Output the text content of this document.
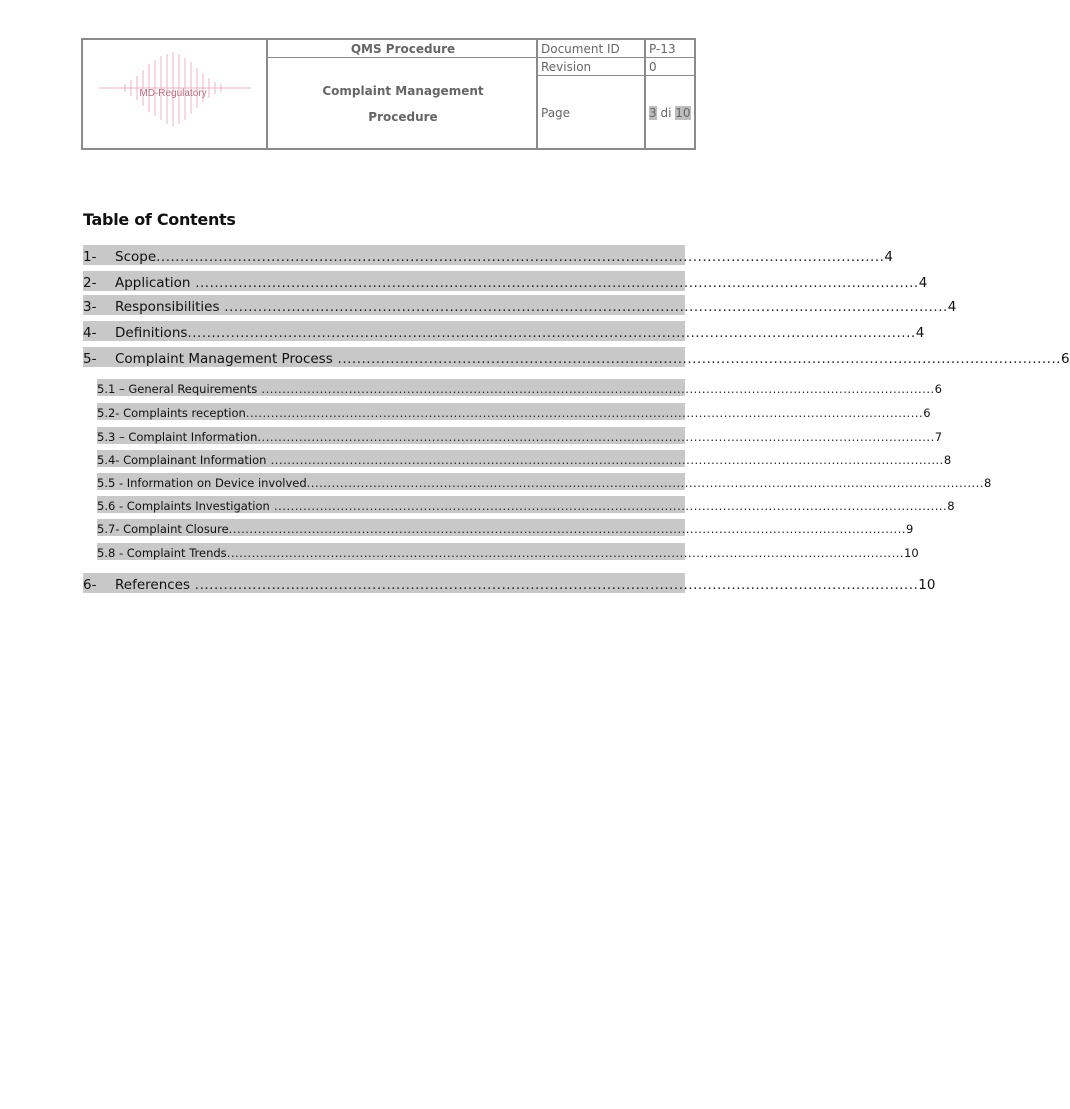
MD-Regulatory
QMS Procedure
Complaint Management
Procedure
Document ID P-13
Revision	0
Page	3 di 10
Table of Contents
1-	Scope ........................................................................................................................................................ 4
2-	Application ....................................................................................................................................................... 4
3-	Responsibilities ....................................................................................................................................................... 4
4-	Definitions ........................................................................................................................................................ 4
5-	Complaint Management Process ....................................................................................................................................................... 6
5.1 – General Requirements .................................................................................................................................................................. 6
5.2- Complaints reception ................................................................................................................................................................... 6
5.3 – Complaint Information ................................................................................................................................................................... 7
5.4- Complainant Information .................................................................................................................................................................. 8
5.5 - Information on Device involved ................................................................................................................................................................... 8
5.6 - Complaints Investigation .................................................................................................................................................................. 8
5.7- Complaint Closure ................................................................................................................................................................... 9
5.8 - Complaint Trends ................................................................................................................................................................... 10
6-	References ....................................................................................................................................................... 10
